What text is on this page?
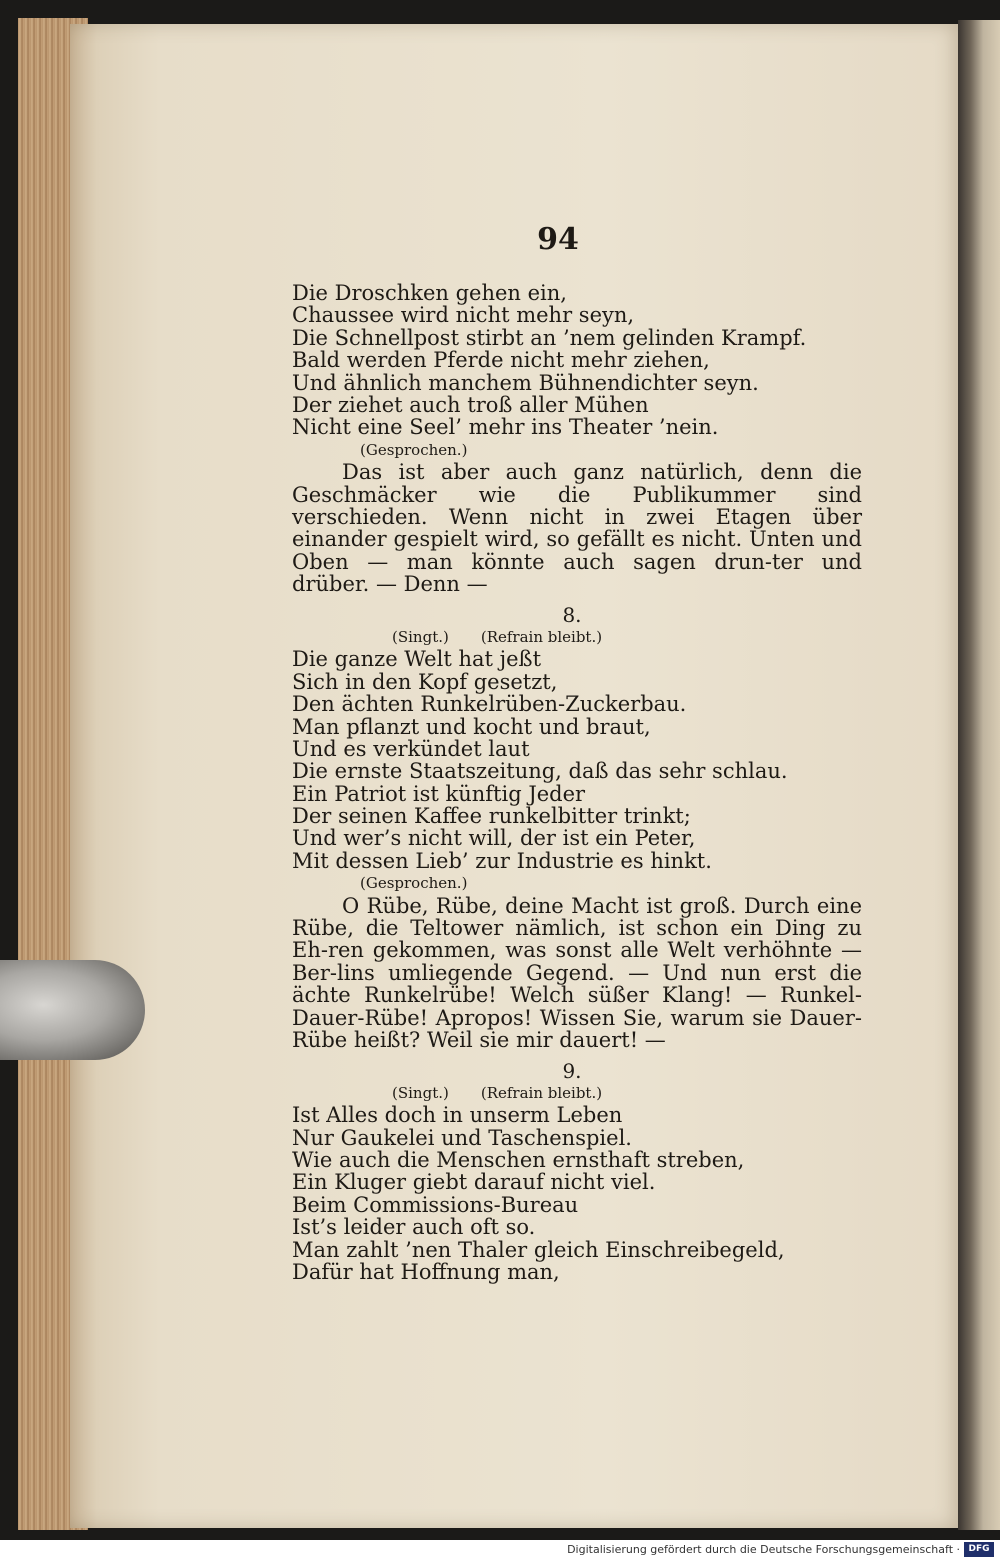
94
Die Droschken gehen ein,
Chaussee wird nicht mehr seyn,
Die Schnellpost stirbt an ’nem gelinden Krampf.
Bald werden Pferde nicht mehr ziehen,
Und ähnlich manchem Bühnendichter seyn.
Der ziehet auch troß aller Mühen
Nicht eine Seel’ mehr ins Theater ’nein.
(Gesprochen.)
Das ist aber auch ganz natürlich, denn die Geschmäcker wie die Publikummer sind verschieden. Wenn nicht in zwei Etagen über einander gespielt wird, so gefällt es nicht. Unten und Oben — man könnte auch sagen drun-ter und drüber. — Denn —
8.
(Singt.) (Refrain bleibt.)
Die ganze Welt hat jeßt
Sich in den Kopf gesetzt,
Den ächten Runkelrüben-Zuckerbau.
Man pflanzt und kocht und braut,
Und es verkündet laut
Die ernste Staatszeitung, daß das sehr schlau.
Ein Patriot ist künftig Jeder
Der seinen Kaffee runkelbitter trinkt;
Und wer’s nicht will, der ist ein Peter,
Mit dessen Lieb’ zur Industrie es hinkt.
(Gesprochen.)
O Rübe, Rübe, deine Macht ist groß. Durch eine Rübe, die Teltower nämlich, ist schon ein Ding zu Eh-ren gekommen, was sonst alle Welt verhöhnte — Ber-lins umliegende Gegend. — Und nun erst die ächte Runkelrübe! Welch süßer Klang! — Runkel-Dauer-Rübe! Apropos! Wissen Sie, warum sie Dauer-Rübe heißt? Weil sie mir dauert! —
9.
(Singt.) (Refrain bleibt.)
Ist Alles doch in unserm Leben
Nur Gaukelei und Taschenspiel.
Wie auch die Menschen ernsthaft streben,
Ein Kluger giebt darauf nicht viel.
Beim Commissions-Bureau
Ist’s leider auch oft so.
Man zahlt ’nen Thaler gleich Einschreibegeld,
Dafür hat Hoffnung man,
Digitalisierung gefördert durch die Deutsche Forschungsgemeinschaft · DFG
